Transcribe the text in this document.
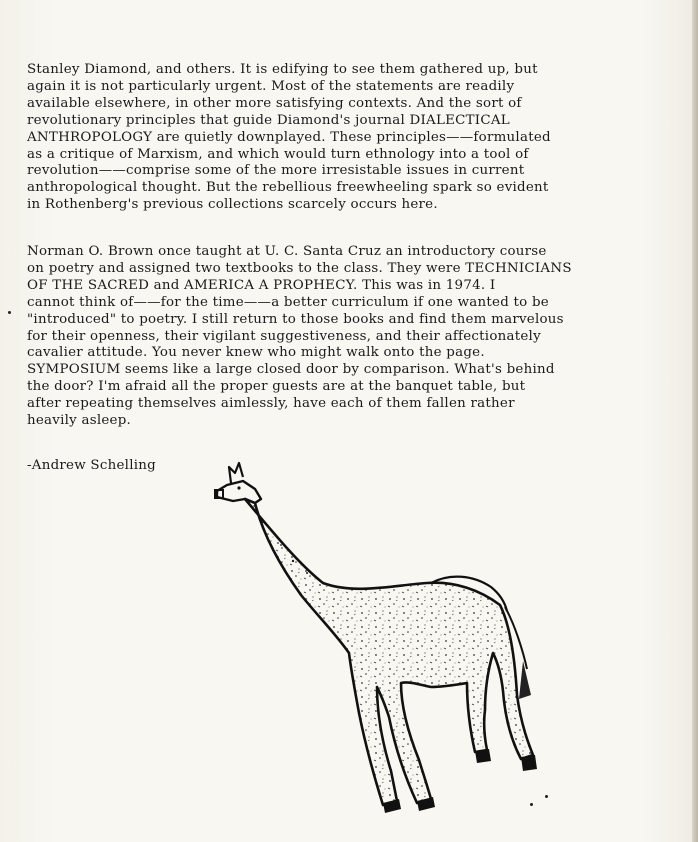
Stanley Diamond, and others. It is edifying to see them gathered up, but
again it is not particularly urgent. Most of the statements are readily
available elsewhere, in other more satisfying contexts. And the sort of
revolutionary principles that guide Diamond's journal DIALECTICAL
ANTHROPOLOGY are quietly downplayed. These principles——formulated
as a critique of Marxism, and which would turn ethnology into a tool of
revolution——comprise some of the more irresistable issues in current
anthropological thought. But the rebellious freewheeling spark so evident
in Rothenberg's previous collections scarcely occurs here.
Norman O. Brown once taught at U. C. Santa Cruz an introductory course
on poetry and assigned two textbooks to the class. They were TECHNICIANS
OF THE SACRED and AMERICA A PROPHECY. This was in 1974. I
cannot think of——for the time——a better curriculum if one wanted to be
"introduced" to poetry. I still return to those books and find them marvelous
for their openness, their vigilant suggestiveness, and their affectionately
cavalier attitude. You never knew who might walk onto the page.
SYMPOSIUM seems like a large closed door by comparison. What's behind
the door? I'm afraid all the proper guests are at the banquet table, but
after repeating themselves aimlessly, have each of them fallen rather
heavily asleep.
-Andrew Schelling
